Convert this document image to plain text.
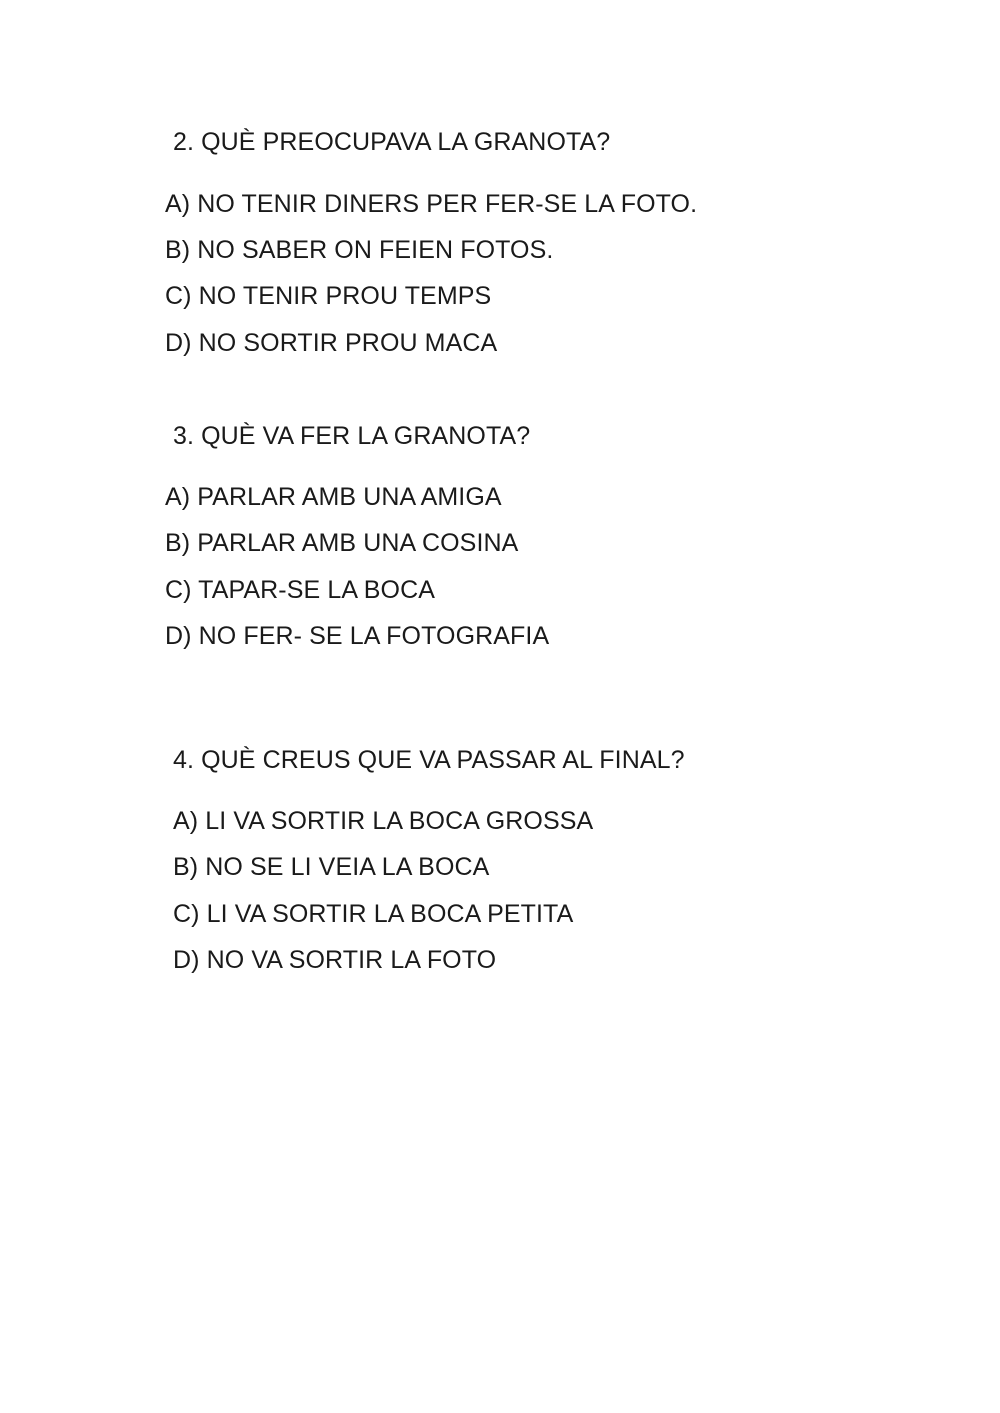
2. QUÈ PREOCUPAVA LA GRANOTA?
A) NO TENIR DINERS PER FER-SE LA FOTO.
B) NO SABER ON FEIEN FOTOS.
C) NO TENIR PROU TEMPS
D) NO SORTIR PROU MACA
3. QUÈ VA FER LA GRANOTA?
A) PARLAR AMB UNA AMIGA
B) PARLAR AMB UNA COSINA
C) TAPAR-SE LA BOCA
D) NO FER- SE LA FOTOGRAFIA
4. QUÈ CREUS QUE VA PASSAR AL FINAL?
A) LI VA SORTIR LA BOCA GROSSA
B) NO SE LI VEIA LA BOCA
C) LI VA SORTIR LA BOCA PETITA
D) NO VA SORTIR LA FOTO
